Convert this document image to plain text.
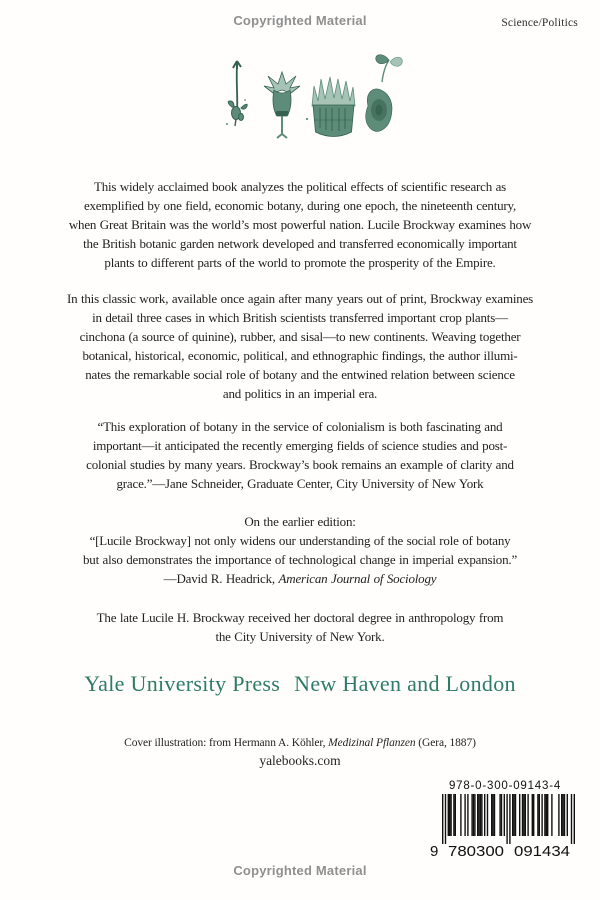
Copyrighted Material	Science/Politics
This widely acclaimed book analyzes the political effects of scientific research as
exemplified by one field, economic botany, during one epoch, the nineteenth century,
when Great Britain was the world’s most powerful nation. Lucile Brockway examines how
the British botanic garden network developed and transferred economically important
plants to different parts of the world to promote the prosperity of the Empire.
In this classic work, available once again after many years out of print, Brockway examines
in detail three cases in which British scientists transferred important crop plants—
cinchona (a source of quinine), rubber, and sisal—to new continents. Weaving together
botanical, historical, economic, political, and ethnographic findings, the author illumi-
nates the remarkable social role of botany and the entwined relation between science
and politics in an imperial era.
“This exploration of botany in the service of colonialism is both fascinating and
important—it anticipated the recently emerging fields of science studies and post-
colonial studies by many years. Brockway’s book remains an example of clarity and
grace.”—Jane Schneider, Graduate Center, City University of New York
On the earlier edition:
“[Lucile Brockway] not only widens our understanding of the social role of botany
but also demonstrates the importance of technological change in imperial expansion.”
—David R. Headrick, American Journal of Sociology
The late Lucile H. Brockway received her doctoral degree in anthropology from
the City University of New York.
Yale University Press New Haven and London
Cover illustration: from Hermann A. Köhler, Medizinal Pflanzen (Gera, 1887)
yalebooks.com
978-0-300-09143-4
9 780300 091434
Copyrighted Material
